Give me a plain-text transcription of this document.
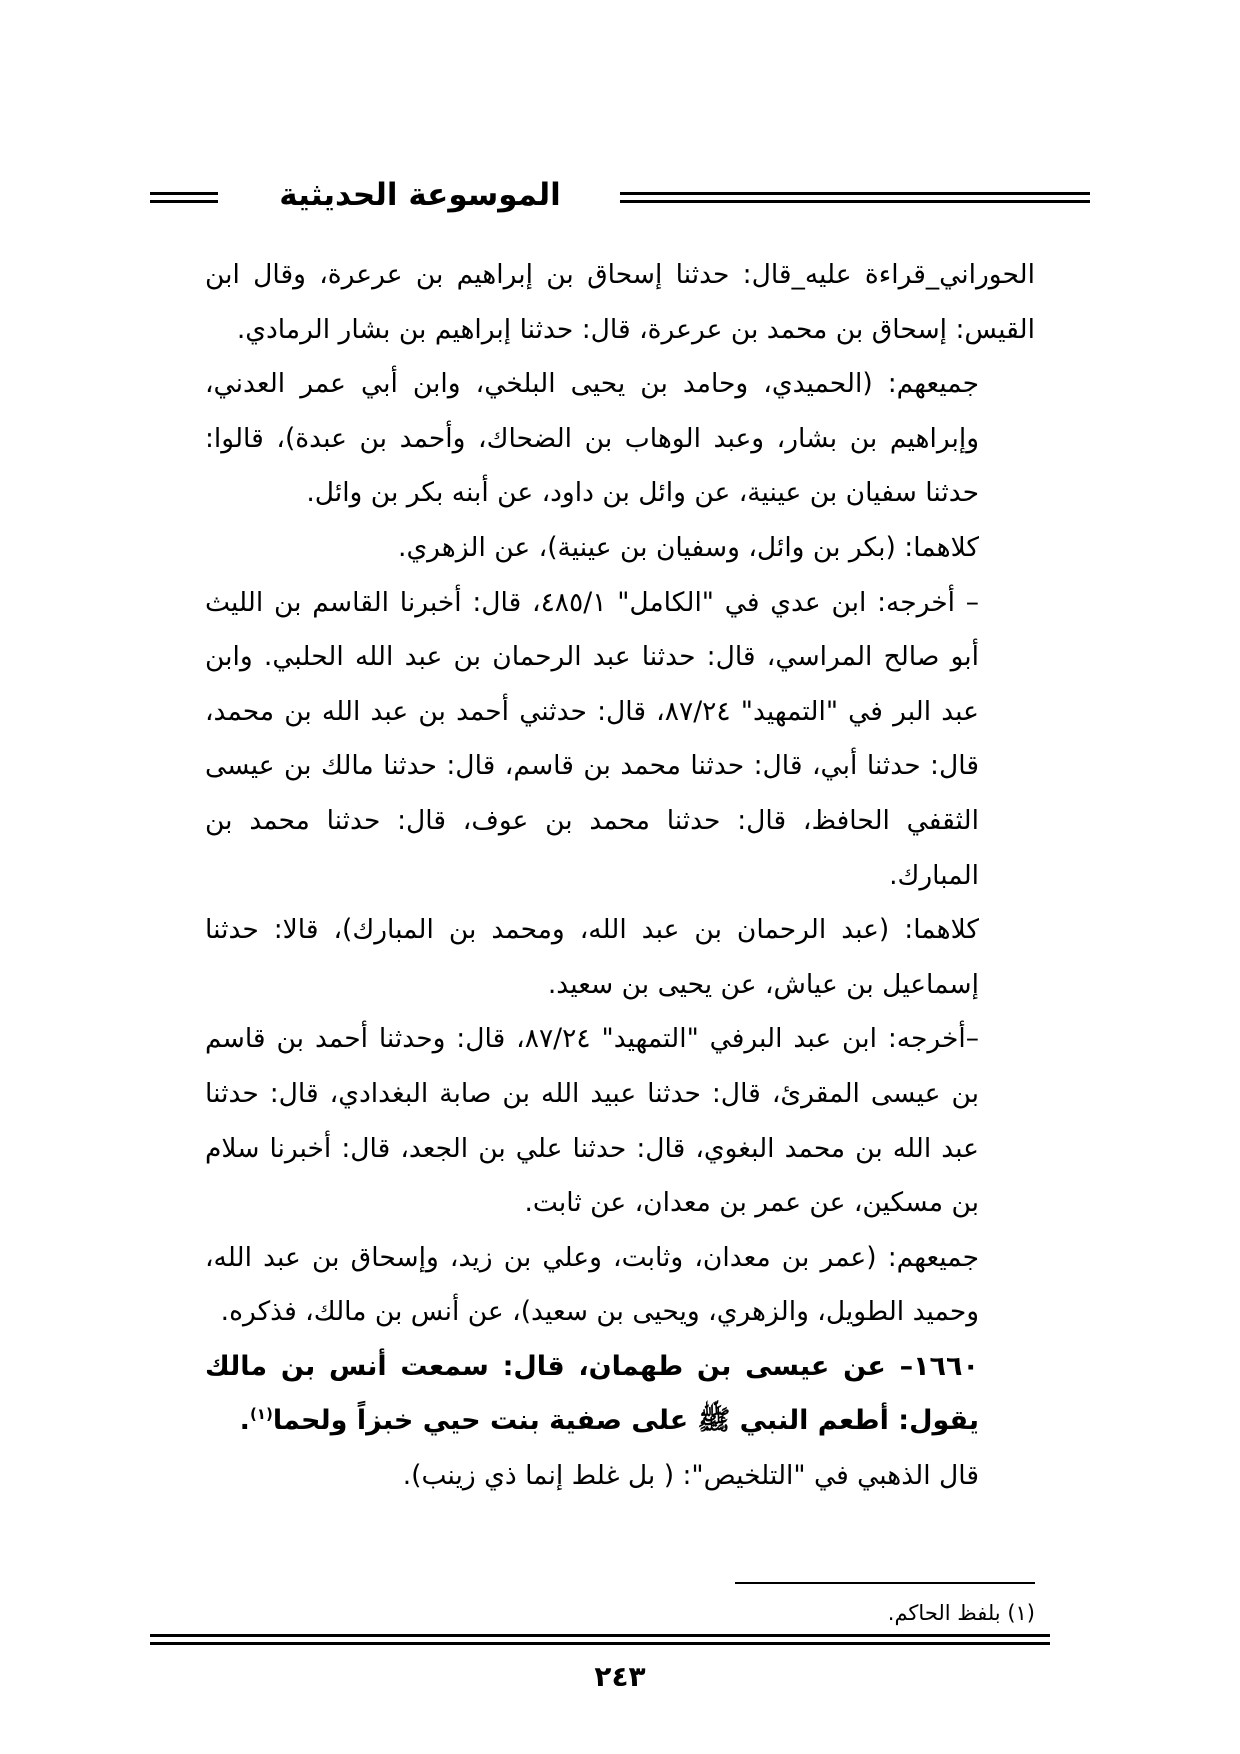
الموسوعة الحديثية

الحوراني_قراءة عليه_قال: حدثنا إسحاق بن إبراهيم بن عرعرة، وقال ابن القيس: إسحاق بن محمد بن عرعرة، قال: حدثنا إبراهيم بن بشار الرمادي.

جميعهم: (الحميدي، وحامد بن يحيى البلخي، وابن أبي عمر العدني، وإبراهيم بن بشار، وعبد الوهاب بن الضحاك، وأحمد بن عبدة)، قالوا: حدثنا سفيان بن عينية، عن وائل بن داود، عن أبنه بكر بن وائل.

كلاهما: (بكر بن وائل، وسفيان بن عينية)، عن الزهري.

– أخرجه: ابن عدي في "الكامل" ٤٨٥/١، قال: أخبرنا القاسم بن الليث أبو صالح المراسي، قال: حدثنا عبد الرحمان بن عبد الله الحلبي. وابن عبد البر في "التمهيد" ٨٧/٢٤، قال: حدثني أحمد بن عبد الله بن محمد، قال: حدثنا أبي، قال: حدثنا محمد بن قاسم، قال: حدثنا مالك بن عيسى الثقفي الحافظ، قال: حدثنا محمد بن عوف، قال: حدثنا محمد بن المبارك.

كلاهما: (عبد الرحمان بن عبد الله، ومحمد بن المبارك)، قالا: حدثنا إسماعيل بن عياش، عن يحيى بن سعيد.

–أخرجه: ابن عبد البرفي "التمهيد" ٨٧/٢٤، قال: وحدثنا أحمد بن قاسم بن عيسى المقرئ، قال: حدثنا عبيد الله بن صابة البغدادي، قال: حدثنا عبد الله بن محمد البغوي، قال: حدثنا علي بن الجعد، قال: أخبرنا سلام بن مسكين، عن عمر بن معدان، عن ثابت.

جميعهم: (عمر بن معدان، وثابت، وعلي بن زيد، وإسحاق بن عبد الله، وحميد الطويل، والزهري، ويحيى بن سعيد)، عن أنس بن مالك، فذكره.

١٦٦٠– عن عيسى بن طهمان، قال: سمعت أنس بن مالك يقول: أطعم النبي ﷺ على صفية بنت حيي خبزاً ولحما$^{(١)}$.

قال الذهبي في "التلخيص": ( بل غلط إنما ذي زينب).

(١) بلفظ الحاكم.
٢٤٣
